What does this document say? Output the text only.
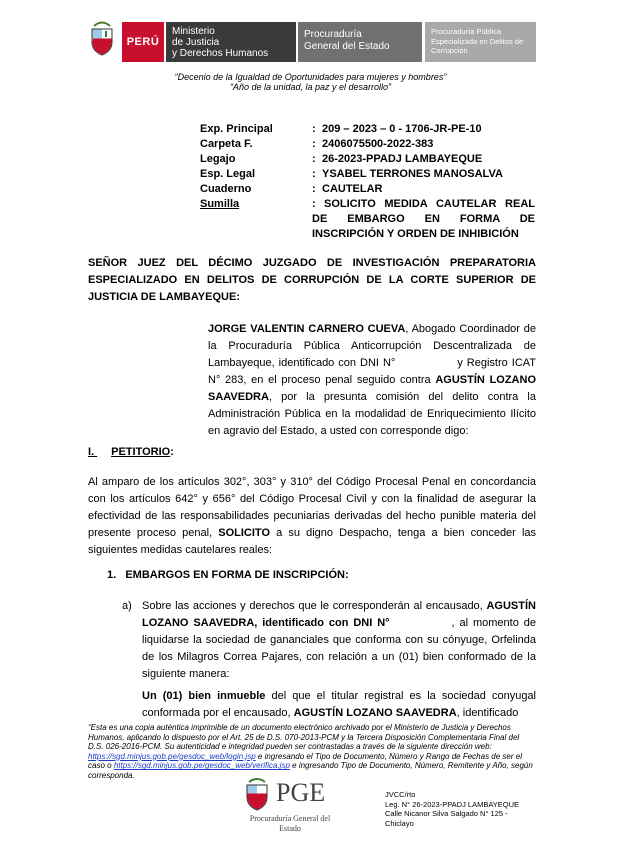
PERÚ
Ministerio
de Justicia
y Derechos Humanos
Procuraduría
General del Estado
Procuraduría Pública
Especializada en Delitos de
Corrupción
“Decenio de la Igualdad de Oportunidades para mujeres y hombres”
“Año de la unidad, la paz y el desarrollo”
Exp. Principal	: 209 – 2023 – 0 - 1706-JR-PE-10
Carpeta F.	: 2406075500-2022-383
Legajo	: 26-2023-PPADJ LAMBAYEQUE
Esp. Legal	: YSABEL TERRONES MANOSALVA
Cuaderno	: CAUTELAR
Sumilla	: SOLICITO MEDIDA CAUTELAR REAL
DE EMBARGO EN FORMA DE
INSCRIPCIÓN Y ORDEN DE INHIBICIÓN
SEÑOR JUEZ DEL DÉCIMO JUZGADO DE INVESTIGACIÓN PREPARATORIA
ESPECIALIZADO EN DELITOS DE CORRUPCIÓN DE LA CORTE SUPERIOR DE
JUSTICIA DE LAMBAYEQUE:
JORGE VALENTIN CARNERO CUEVA, Abogado Coordinador de la Procuraduría Pública Anticorrupción Descentralizada de Lambayeque, identificado con DNI N°	y Registro ICAT N° 283, en el proceso penal seguido contra AGUSTÍN LOZANO SAAVEDRA, por la presunta comisión del delito contra la Administración Pública en la modalidad de Enriquecimiento Ilícito en agravio del Estado, a usted con corresponde digo:
I. PETITORIO:
Al amparo de los artículos 302°, 303° y 310° del Código Procesal Penal en concordancia con los artículos 642° y 656° del Código Procesal Civil y con la finalidad de asegurar la efectividad de las responsabilidades pecuniarias derivadas del hecho punible materia del presente proceso penal, SOLICITO a su digno Despacho, tenga a bien conceder las siguientes medidas cautelares reales:
1.   EMBARGOS EN FORMA DE INSCRIPCIÓN:
a) Sobre las acciones y derechos que le corresponderán al encausado, AGUSTÍN LOZANO SAAVEDRA, identificado con DNI N°	, al momento de liquidarse la sociedad de gananciales que conforma con su cónyuge, Orfelinda de los Milagros Correa Pajares, con relación a un (01) bien conformado de la siguiente manera:
Un (01) bien inmueble del que el titular registral es la sociedad conyugal conformada por el encausado, AGUSTÍN LOZANO SAAVEDRA, identificado
“Esta es una copia auténtica imprimible de un documento electrónico archivado por el Ministerio de Justicia y Derechos Humanos, aplicando lo dispuesto por el Art. 25 de D.S. 070-2013-PCM y la Tercera Disposición Complementaria Final del D.S. 026-2016-PCM. Su autenticidad e integridad pueden ser contrastadas a través de la siguiente dirección web: https://sgd.minjus.gob.pe/gesdoc_web/login.jsp e ingresando el Tipo de Documento, Número y Rango de Fechas de ser el caso o https://sgd.minjus.gob.pe/gesdoc_web/verifica.jsp e ingresando Tipo de Documento, Número, Remitente y Año, según corresponda.
PGE
Procuraduría General del
Estado
JVCC/rto
Leg. N° 26-2023-PPADJ LAMBAYEQUE
Calle Nicanor Silva Salgado N° 125 -
Chiclayo
